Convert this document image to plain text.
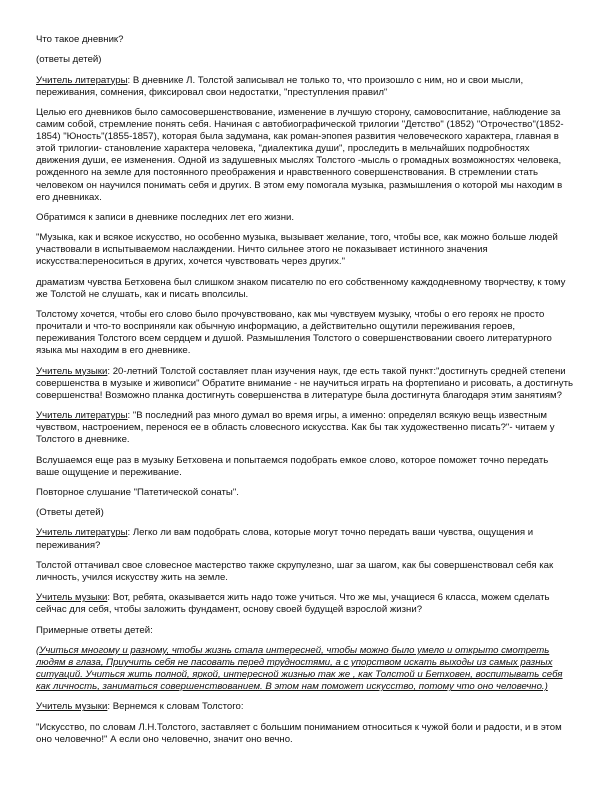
Что такое дневник?

(ответы детей)

Учитель литературы: В дневнике Л. Толстой записывал не только то, что произошло с ним, но и свои мысли, переживания, сомнения, фиксировал свои недостатки, "преступления правил"

Целью его дневников было самосовершенствование, изменение в лучшую сторону, самовоспитание, наблюдение за самим собой, стремление понять себя. Начиная с автобиографической трилогии "Детство" (1852) "Отрочество"(1852-1854) "Юность"(1855-1857), которая была задумана, как роман-эпопея развития человеческого характера, главная в этой трилогии- становление характера человека, "диалектика души", проследить в мельчайших подробностях движения души, ее изменения. Одной из задушевных мыслях Толстого -мысль о громадных возможностях человека, рожденного на земле для постоянного преображения и нравственного совершенствования. В стремлении стать человеком он научился понимать себя и других. В этом ему помогала музыка, размышления о которой мы находим в его дневниках.

Обратимся к записи в дневнике последних лет его жизни.

"Музыка, как и всякое искусство, но особенно музыка, вызывает желание, того, чтобы все, как можно больше людей участвовали в испытываемом наслаждении. Ничто сильнее этого не показывает истинного значения искусства:переноситься в других, хочется чувствовать через других."

драматизм чувства Бетховена был слишком знаком писателю по его собственному каждодневному творчеству, к тому же Толстой не слушать, как и писать вполсилы.

Толстому хочется, чтобы его слово было прочувствовано, как мы чувствуем музыку, чтобы о его героях не просто прочитали и что-то восприняли как обычную информацию, а действительно ощутили переживания героев, переживания Толстого всем сердцем и душой. Размышления Толстого о совершенствовании своего литературного языка мы находим в его дневнике.

Учитель музыки: 20-летний Толстой составляет план изучения наук, где есть такой пункт:"достигнуть средней степени совершенства в музыке и живописи" Обратите внимание - не научиться играть на фортепиано и рисовать, а достигнуть совершенства! Возможно планка достигнуть совершенства в литературе была достигнута благодаря этим занятиям?

Учитель литературы: "В последний раз много думал во время игры, а именно: определял всякую вещь известным чувством, настроением, перенося ее в область словесного искусства. Как бы так художественно писать?"- читаем у Толстого в дневнике.

Вслушаемся еще раз в музыку Бетховена и попытаемся подобрать емкое слово, которое поможет точно передать ваше ощущение и переживание.

Повторное слушание "Патетической сонаты".

(Ответы детей)

Учитель литературы: Легко ли вам подобрать слова, которые могут точно передать ваши чувства, ощущения и переживания?

Толстой оттачивал свое словесное мастерство также скрупулезно, шаг за шагом, как бы совершенствовал себя как личность, учился искусству жить на земле.

Учитель музыки: Вот, ребята, оказывается жить надо тоже учиться. Что же мы, учащиеся 6 класса, можем сделать сейчас для себя, чтобы заложить фундамент, основу своей будущей взрослой жизни?

Примерные ответы детей:

(Учиться многому и разному, чтобы жизнь стала интересней, чтобы можно было умело и открыто смотреть людям в глаза, Приучить себя не пасовать перед трудностями, а с упорством искать выходы из самых разных ситуаций. Учиться жить полной, яркой, интересной жизнью так же , как Толстой и Бетховен, воспитывать себя как личность, заниматься совершенствованием. В этом нам поможет искусство, потому что оно человечно.)

Учитель музыки: Вернемся к словам Толстого:

"Искусство, по словам Л.Н.Толстого, заставляет с большим пониманием относиться к чужой боли и радости, и в этом оно человечно!" А если оно человечно, значит оно вечно.
